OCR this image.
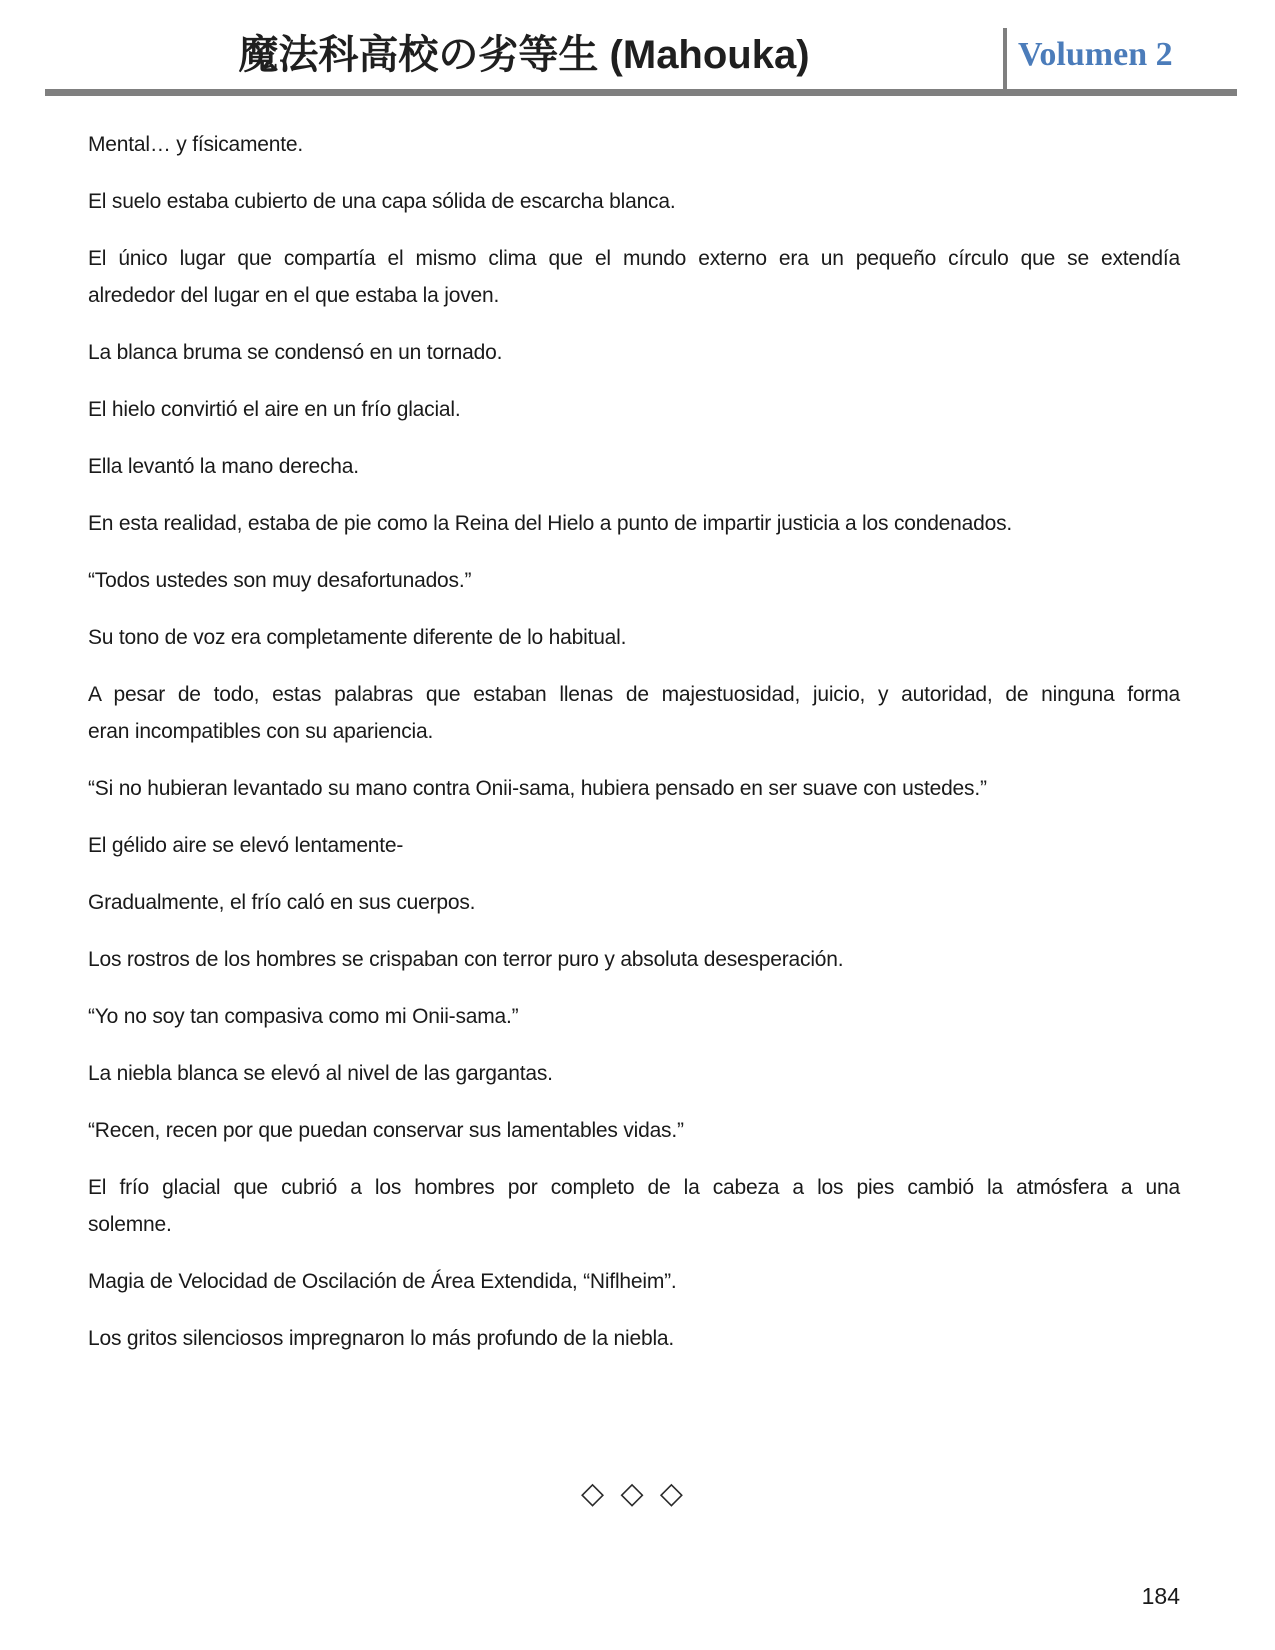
魔法科高校の劣等生 (Mahouka)	Volumen 2
Mental… y físicamente.
El suelo estaba cubierto de una capa sólida de escarcha blanca.
El único lugar que compartía el mismo clima que el mundo externo era un pequeño círculo que se extendía
alrededor del lugar en el que estaba la joven.
La blanca bruma se condensó en un tornado.
El hielo convirtió el aire en un frío glacial.
Ella levantó la mano derecha.
En esta realidad, estaba de pie como la Reina del Hielo a punto de impartir justicia a los condenados.
“Todos ustedes son muy desafortunados.”
Su tono de voz era completamente diferente de lo habitual.
A pesar de todo, estas palabras que estaban llenas de majestuosidad, juicio, y autoridad, de ninguna forma
eran incompatibles con su apariencia.
“Si no hubieran levantado su mano contra Onii-sama, hubiera pensado en ser suave con ustedes.”
El gélido aire se elevó lentamente-
Gradualmente, el frío caló en sus cuerpos.
Los rostros de los hombres se crispaban con terror puro y absoluta desesperación.
“Yo no soy tan compasiva como mi Onii-sama.”
La niebla blanca se elevó al nivel de las gargantas.
“Recen, recen por que puedan conservar sus lamentables vidas.”
El frío glacial que cubrió a los hombres por completo de la cabeza a los pies cambió la atmósfera a una
solemne.
Magia de Velocidad de Oscilación de Área Extendida, “Niflheim”.
Los gritos silenciosos impregnaron lo más profundo de la niebla.
◇ ◇ ◇
184
